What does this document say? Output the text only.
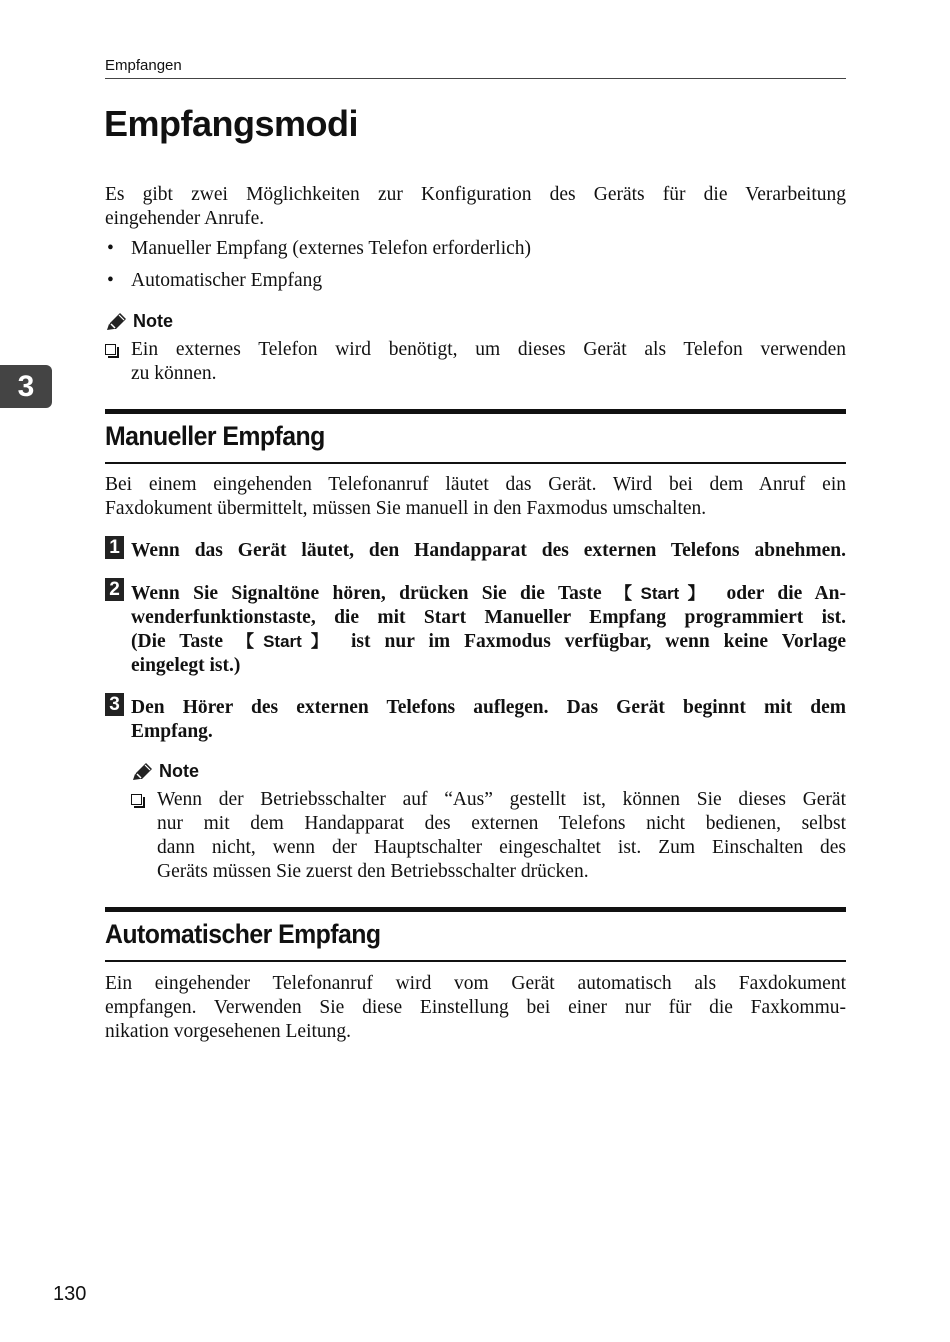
Empfangen
Empfangsmodi
3
Es gibt zwei Möglichkeiten zur Konfiguration des Geräts für die Verarbeitung
eingehender Anrufe.
• Manueller Empfang (externes Telefon erforderlich)
• Automatischer Empfang
Note
Ein externes Telefon wird benötigt, um dieses Gerät als Telefon verwenden
zu können.
Manueller Empfang
Bei einem eingehenden Telefonanruf läutet das Gerät. Wird bei dem Anruf ein
Faxdokument übermittelt, müssen Sie manuell in den Faxmodus umschalten.
1 Wenn das Gerät läutet, den Handapparat des externen Telefons abnehmen.
2 Wenn Sie Signaltöne hören, drücken Sie die Taste 【Start】 oder die An-
wenderfunktionstaste, die mit Start Manueller Empfang programmiert ist.
(Die Taste 【Start】 ist nur im Faxmodus verfügbar, wenn keine Vorlage
eingelegt ist.)
3 Den Hörer des externen Telefons auflegen. Das Gerät beginnt mit dem
Empfang.
Note
Wenn der Betriebsschalter auf “Aus” gestellt ist, können Sie dieses Gerät
nur mit dem Handapparat des externen Telefons nicht bedienen, selbst
dann nicht, wenn der Hauptschalter eingeschaltet ist. Zum Einschalten des
Geräts müssen Sie zuerst den Betriebsschalter drücken.
Automatischer Empfang
Ein eingehender Telefonanruf wird vom Gerät automatisch als Faxdokument
empfangen. Verwenden Sie diese Einstellung bei einer nur für die Faxkommu-
nikation vorgesehenen Leitung.
130
